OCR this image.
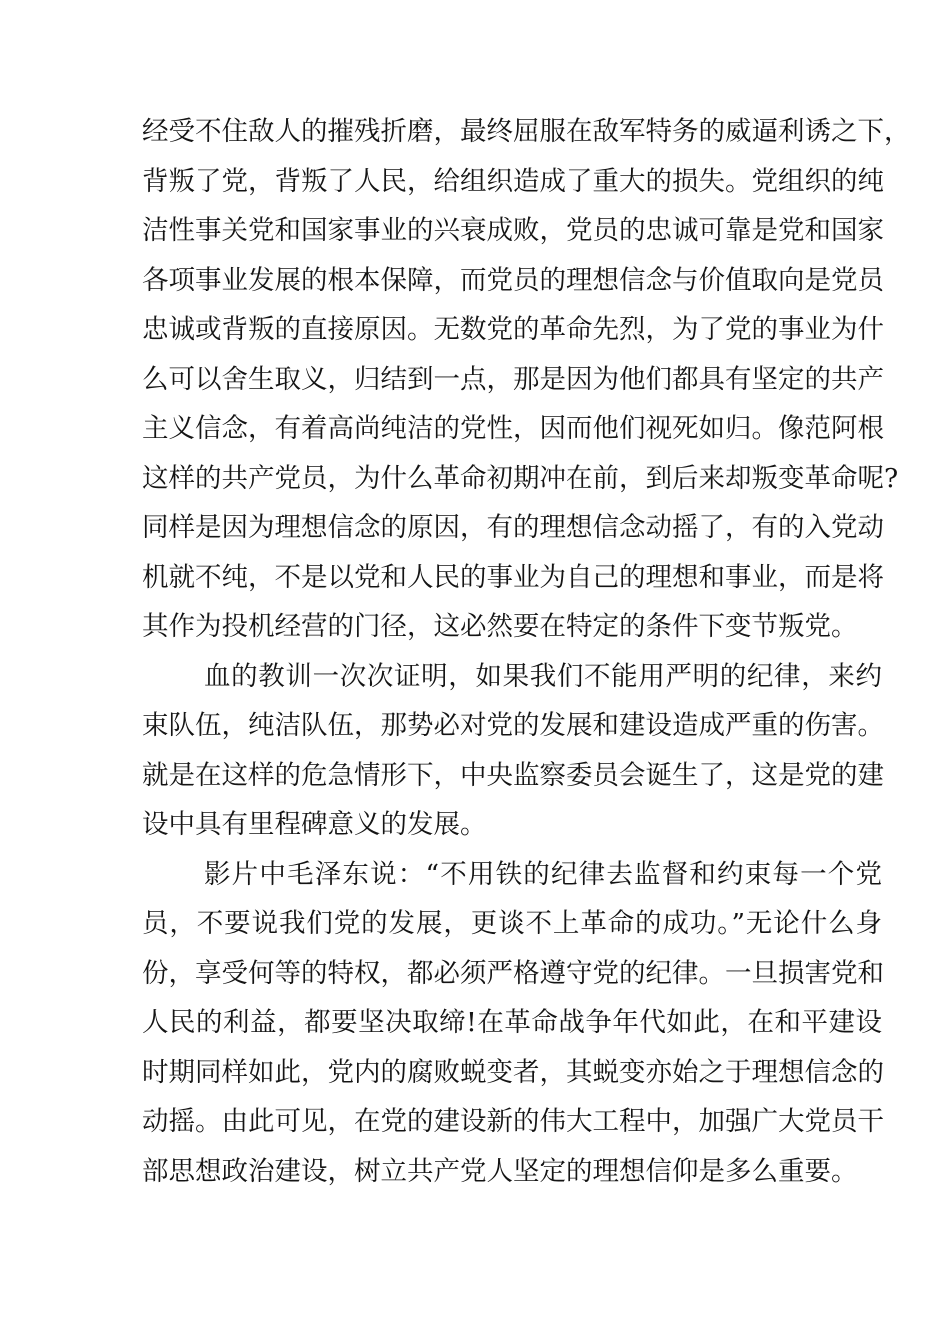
经受不住敌人的摧残折磨，最终屈服在敌军特务的威逼利诱之下，
背叛了党，背叛了人民，给组织造成了重大的损失。党组织的纯
洁性事关党和国家事业的兴衰成败，党员的忠诚可靠是党和国家
各项事业发展的根本保障，而党员的理想信念与价值取向是党员
忠诚或背叛的直接原因。无数党的革命先烈，为了党的事业为什
么可以舍生取义，归结到一点，那是因为他们都具有坚定的共产
主义信念，有着高尚纯洁的党性，因而他们视死如归。像范阿根
这样的共产党员，为什么革命初期冲在前，到后来却叛变革命呢?
同样是因为理想信念的原因，有的理想信念动摇了，有的入党动
机就不纯，不是以党和人民的事业为自己的理想和事业，而是将
其作为投机经营的门径，这必然要在特定的条件下变节叛党。
血的教训一次次证明，如果我们不能用严明的纪律，来约
束队伍，纯洁队伍，那势必对党的发展和建设造成严重的伤害。
就是在这样的危急情形下，中央监察委员会诞生了，这是党的建
设中具有里程碑意义的发展。
影片中毛泽东说：“不用铁的纪律去监督和约束每一个党
员，不要说我们党的发展，更谈不上革命的成功。”无论什么身
份，享受何等的特权，都必须严格遵守党的纪律。一旦损害党和
人民的利益，都要坚决取缔!在革命战争年代如此，在和平建设
时期同样如此，党内的腐败蜕变者，其蜕变亦始之于理想信念的
动摇。由此可见，在党的建设新的伟大工程中，加强广大党员干
部思想政治建设，树立共产党人坚定的理想信仰是多么重要。
